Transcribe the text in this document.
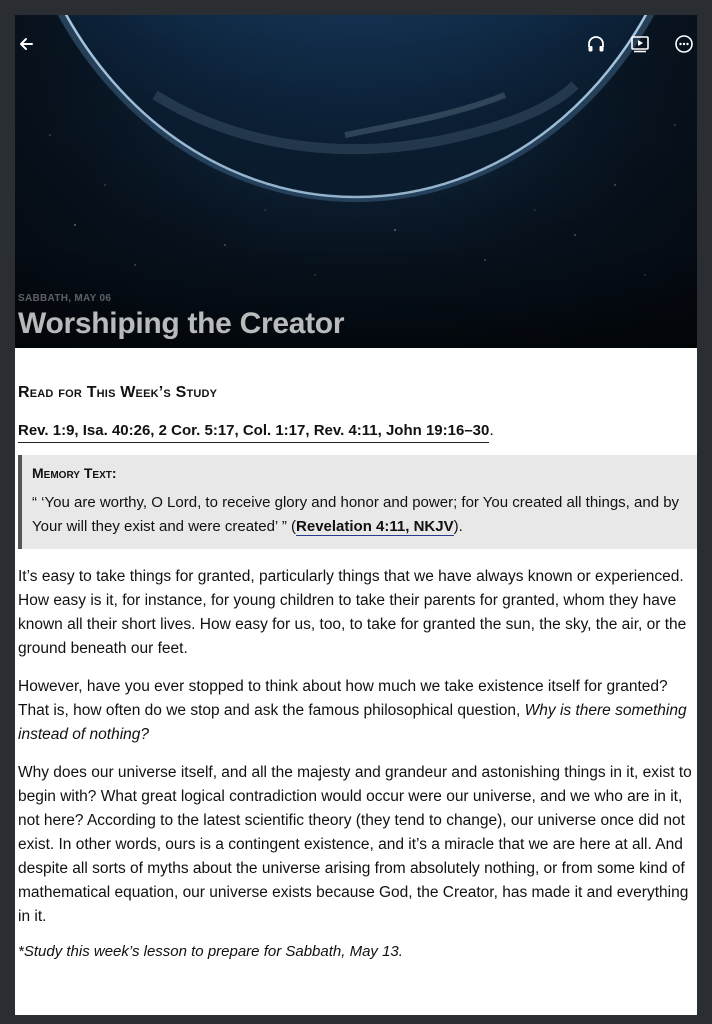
SABBATH, MAY 06
Worshiping the Creator
Read for This Week’s Study
Rev. 1:9, Isa. 40:26, 2 Cor. 5:17, Col. 1:17, Rev. 4:11, John 19:16–30.
Memory Text:
“ ‘You are worthy, O Lord, to receive glory and honor and power; for You created all things, and by Your will they exist and were created’ ” (Revelation 4:11, NKJV).

It’s easy to take things for granted, particularly things that we have always known or experienced. How easy is it, for instance, for young children to take their parents for granted, whom they have known all their short lives. How easy for us, too, to take for granted the sun, the sky, the air, or the ground beneath our feet.

However, have you ever stopped to think about how much we take existence itself for granted? That is, how often do we stop and ask the famous philosophical question, Why is there something instead of nothing?

Why does our universe itself, and all the majesty and grandeur and astonishing things in it, exist to begin with? What great logical contradiction would occur were our universe, and we who are in it, not here? According to the latest scientific theory (they tend to change), our universe once did not exist. In other words, ours is a contingent existence, and it’s a miracle that we are here at all. And despite all sorts of myths about the universe arising from absolutely nothing, or from some kind of mathematical equation, our universe exists because God, the Creator, has made it and everything in it.

*Study this week’s lesson to prepare for Sabbath, May 13.
